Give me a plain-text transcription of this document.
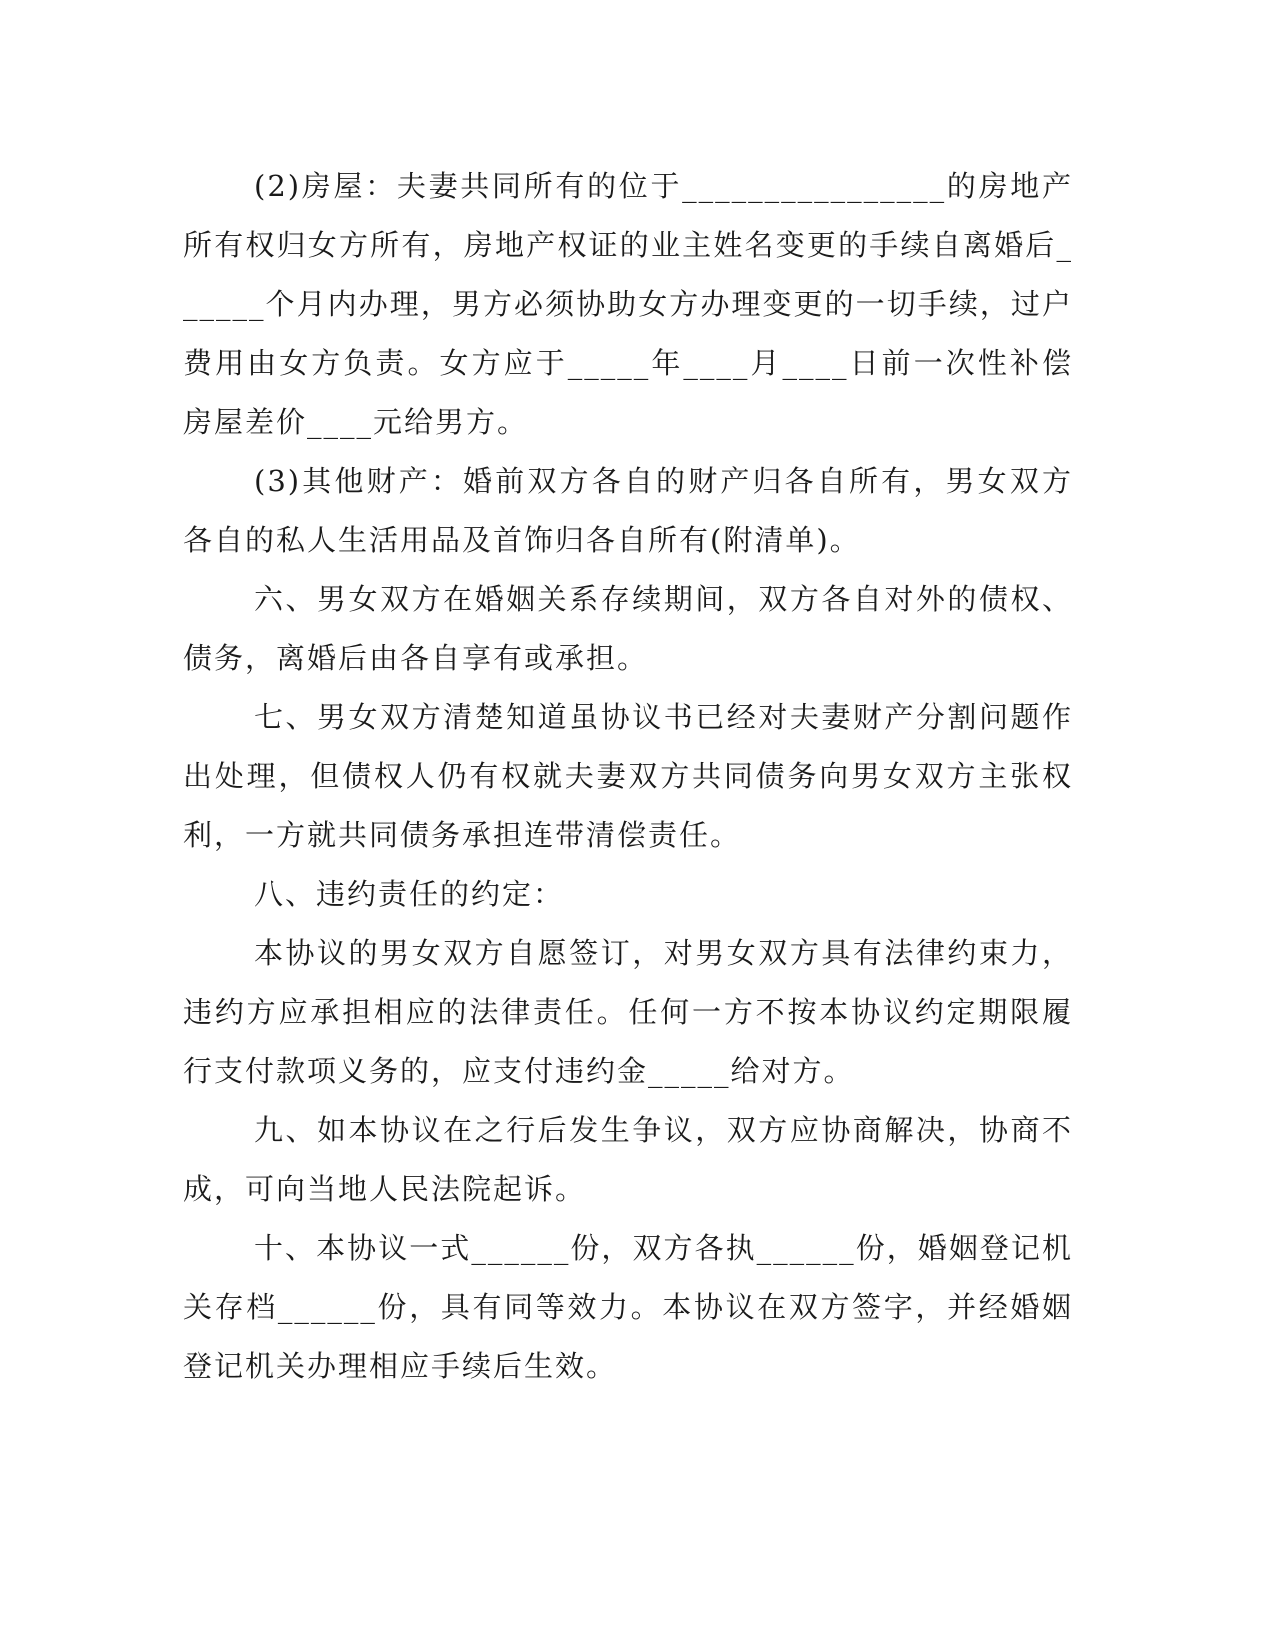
(2)房屋：夫妻共同所有的位于________________的房地产所有权归女方所有，房地产权证的业主姓名变更的手续自离婚后______个月内办理，男方必须协助女方办理变更的一切手续，过户费用由女方负责。女方应于_____年____月____日前一次性补偿房屋差价____元给男方。

(3)其他财产：婚前双方各自的财产归各自所有，男女双方各自的私人生活用品及首饰归各自所有(附清单)。

六、男女双方在婚姻关系存续期间，双方各自对外的债权、债务，离婚后由各自享有或承担。

七、男女双方清楚知道虽协议书已经对夫妻财产分割问题作出处理，但债权人仍有权就夫妻双方共同债务向男女双方主张权利，一方就共同债务承担连带清偿责任。

八、违约责任的约定：

本协议的男女双方自愿签订，对男女双方具有法律约束力，违约方应承担相应的法律责任。任何一方不按本协议约定期限履行支付款项义务的，应支付违约金_____给对方。

九、如本协议在之行后发生争议，双方应协商解决，协商不成，可向当地人民法院起诉。

十、本协议一式______份，双方各执______份，婚姻登记机关存档______份，具有同等效力。本协议在双方签字，并经婚姻登记机关办理相应手续后生效。
